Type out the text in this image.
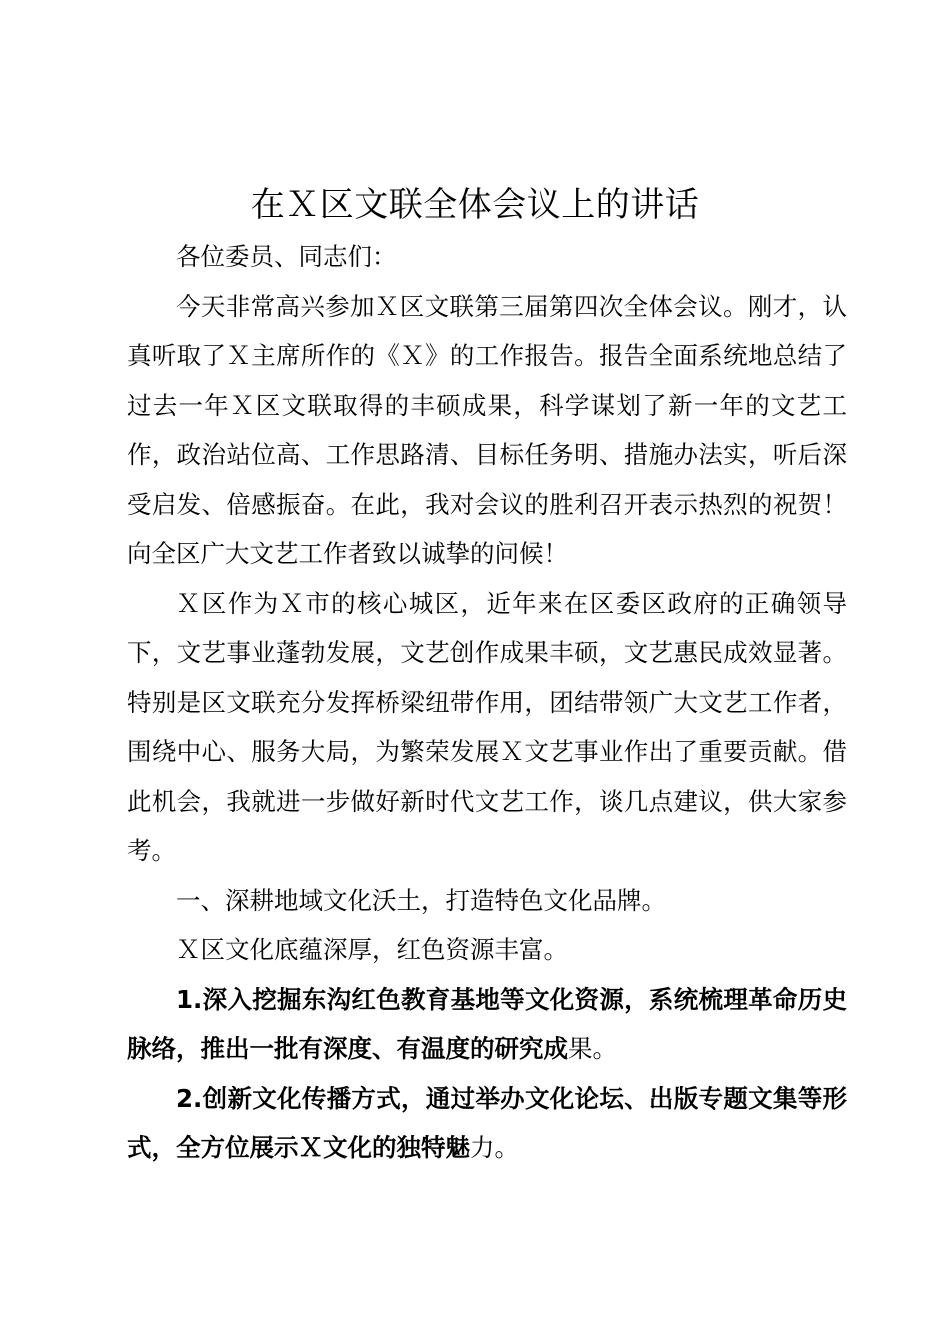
在Ｘ区文联全体会议上的讲话

各位委员、同志们：

今天非常高兴参加Ｘ区文联第三届第四次全体会议。刚才，认真听取了Ｘ主席所作的《Ｘ》的工作报告。报告全面系统地总结了过去一年Ｘ区文联取得的丰硕成果，科学谋划了新一年的文艺工作，政治站位高、工作思路清、目标任务明、措施办法实，听后深受启发、倍感振奋。在此，我对会议的胜利召开表示热烈的祝贺！向全区广大文艺工作者致以诚挚的问候！

Ｘ区作为Ｘ市的核心城区，近年来在区委区政府的正确领导下，文艺事业蓬勃发展，文艺创作成果丰硕，文艺惠民成效显著。特别是区文联充分发挥桥梁纽带作用，团结带领广大文艺工作者，围绕中心、服务大局，为繁荣发展Ｘ文艺事业作出了重要贡献。借此机会，我就进一步做好新时代文艺工作，谈几点建议，供大家参考。

一、深耕地域文化沃土，打造特色文化品牌。

Ｘ区文化底蕴深厚，红色资源丰富。

1.深入挖掘东沟红色教育基地等文化资源，系统梳理革命历史脉络，推出一批有深度、有温度的研究成果。

2.创新文化传播方式，通过举办文化论坛、出版专题文集等形式，全方位展示Ｘ文化的独特魅力。
